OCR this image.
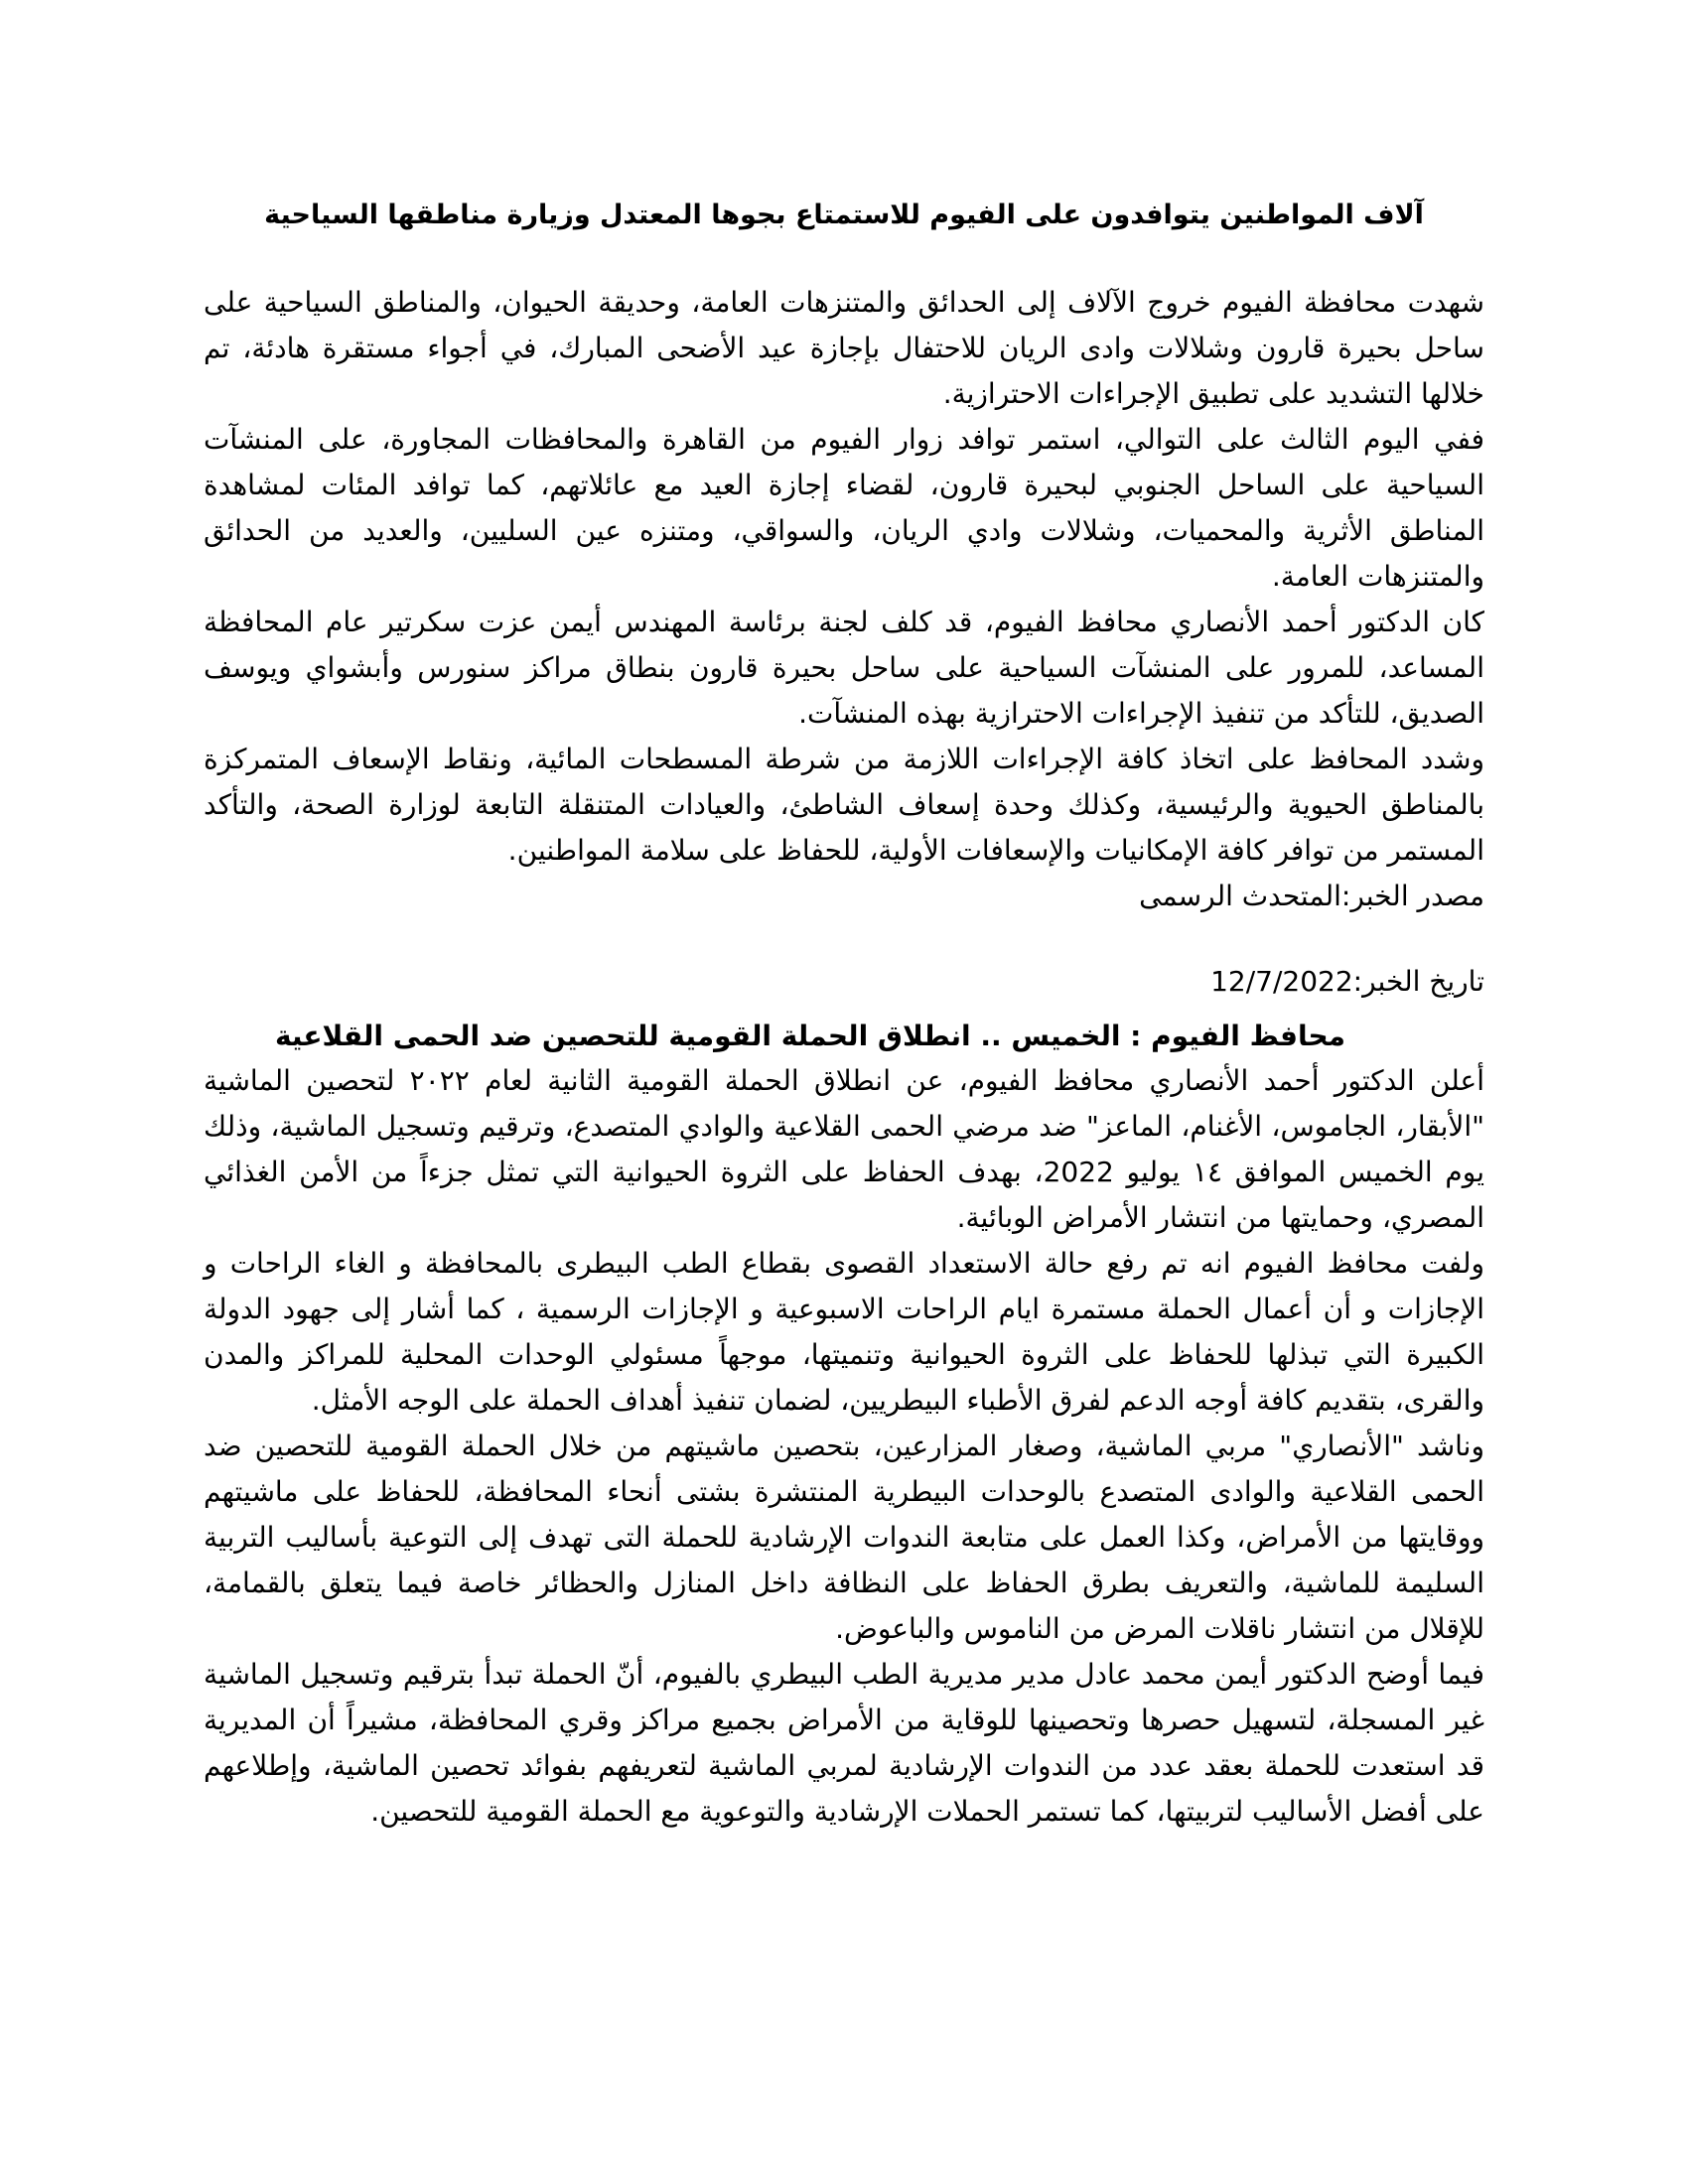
آلاف المواطنين يتوافدون على الفيوم للاستمتاع بجوها المعتدل وزيارة مناطقها السياحية

شهدت محافظة الفيوم خروج الآلاف إلى الحدائق والمتنزهات العامة، وحديقة الحيوان، والمناطق السياحية على ساحل بحيرة قارون وشلالات وادى الريان للاحتفال بإجازة عيد الأضحى المبارك، في أجواء مستقرة هادئة، تم خلالها التشديد على تطبيق الإجراءات الاحترازية.

ففي اليوم الثالث على التوالي، استمر توافد زوار الفيوم من القاهرة والمحافظات المجاورة، على المنشآت السياحية على الساحل الجنوبي لبحيرة قارون، لقضاء إجازة العيد مع عائلاتهم، كما توافد المئات لمشاهدة المناطق الأثرية والمحميات، وشلالات وادي الريان، والسواقي، ومتنزه عين السليين، والعديد من الحدائق والمتنزهات العامة.

كان الدكتور أحمد الأنصاري محافظ الفيوم، قد كلف لجنة برئاسة المهندس أيمن عزت سكرتير عام المحافظة المساعد، للمرور على المنشآت السياحية على ساحل بحيرة قارون بنطاق مراكز سنورس وأبشواي ويوسف الصديق، للتأكد من تنفيذ الإجراءات الاحترازية بهذه المنشآت.

وشدد المحافظ على اتخاذ كافة الإجراءات اللازمة من شرطة المسطحات المائية، ونقاط الإسعاف المتمركزة بالمناطق الحيوية والرئيسية، وكذلك وحدة إسعاف الشاطئ، والعيادات المتنقلة التابعة لوزارة الصحة، والتأكد المستمر من توافر كافة الإمكانيات والإسعافات الأولية، للحفاظ على سلامة المواطنين.

مصدر الخبر:المتحدث الرسمى

تاريخ الخبر:12/7/2022

محافظ الفيوم : الخميس .. انطلاق الحملة القومية للتحصين ضد الحمى القلاعية

أعلن الدكتور أحمد الأنصاري محافظ الفيوم، عن انطلاق الحملة القومية الثانية لعام ٢٠٢٢ لتحصين الماشية "الأبقار، الجاموس، الأغنام، الماعز" ضد مرضي الحمى القلاعية والوادي المتصدع، وترقيم وتسجيل الماشية، وذلك يوم الخميس الموافق ١٤ يوليو 2022، بهدف الحفاظ على الثروة الحيوانية التي تمثل جزءاً من الأمن الغذائي المصري، وحمايتها من انتشار الأمراض الوبائية.

ولفت محافظ الفيوم انه تم رفع حالة الاستعداد القصوى بقطاع الطب البيطرى بالمحافظة و الغاء الراحات و الإجازات و أن أعمال الحملة مستمرة ايام الراحات الاسبوعية و الإجازات الرسمية ، كما أشار إلى جهود الدولة الكبيرة التي تبذلها للحفاظ على الثروة الحيوانية وتنميتها، موجهاً مسئولي الوحدات المحلية للمراكز والمدن والقرى، بتقديم كافة أوجه الدعم لفرق الأطباء البيطريين، لضمان تنفيذ أهداف الحملة على الوجه الأمثل.

وناشد "الأنصاري" مربي الماشية، وصغار المزارعين، بتحصين ماشيتهم من خلال الحملة القومية للتحصين ضد الحمى القلاعية والوادى المتصدع بالوحدات البيطرية المنتشرة بشتى أنحاء المحافظة، للحفاظ على ماشيتهم ووقايتها من الأمراض، وكذا العمل على متابعة الندوات الإرشادية للحملة التى تهدف إلى التوعية بأساليب التربية السليمة للماشية، والتعريف بطرق الحفاظ على النظافة داخل المنازل والحظائر خاصة فيما يتعلق بالقمامة، للإقلال من انتشار ناقلات المرض من الناموس والباعوض.

فيما أوضح الدكتور أيمن محمد عادل مدير مديرية الطب البيطري بالفيوم، أنّ الحملة تبدأ بترقيم وتسجيل الماشية غير المسجلة، لتسهيل حصرها وتحصينها للوقاية من الأمراض بجميع مراكز وقري المحافظة، مشيراً أن المديرية قد استعدت للحملة بعقد عدد من الندوات الإرشادية لمربي الماشية لتعريفهم بفوائد تحصين الماشية، وإطلاعهم على أفضل الأساليب لتربيتها، كما تستمر الحملات الإرشادية والتوعوية مع الحملة القومية للتحصين.
